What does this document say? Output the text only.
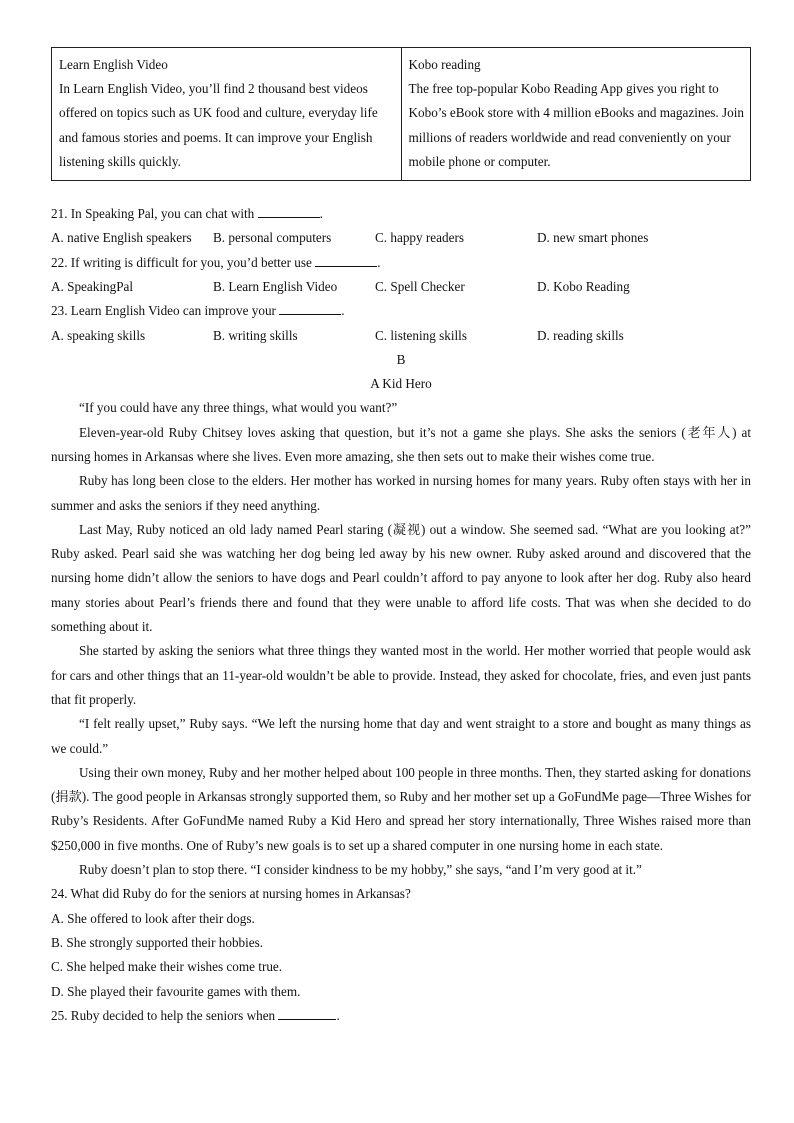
Learn English Video
In Learn English Video, you’ll find 2 thousand best videos offered on topics such as UK food and culture, everyday life and famous stories and poems. It can improve your English listening skills quickly.

Kobo reading
The free top-popular Kobo Reading App gives you right to Kobo’s eBook store with 4 million eBooks and magazines. Join millions of readers worldwide and read conveniently on your mobile phone or computer.
21. In Speaking Pal, you can chat with	.
A. native English speakers	B. personal computers	C. happy readers	D. new smart phones
22. If writing is difficult for you, you’d better use	.
A. SpeakingPal	B. Learn English Video	C. Spell Checker	D. Kobo Reading
23. Learn English Video can improve your	.
A. speaking skills	B. writing skills	C. listening skills	D. reading skills
B
A Kid Hero

“If you could have any three things, what would you want?”

Eleven-year-old Ruby Chitsey loves asking that question, but it’s not a game she plays. She asks the seniors (老年人) at nursing homes in Arkansas where she lives. Even more amazing, she then sets out to make their wishes come true.

Ruby has long been close to the elders. Her mother has worked in nursing homes for many years. Ruby often stays with her in summer and asks the seniors if they need anything.

Last May, Ruby noticed an old lady named Pearl staring (凝视) out a window. She seemed sad. “What are you looking at?” Ruby asked. Pearl said she was watching her dog being led away by his new owner. Ruby asked around and discovered that the nursing home didn’t allow the seniors to have dogs and Pearl couldn’t afford to pay anyone to look after her dog. Ruby also heard many stories about Pearl’s friends there and found that they were unable to afford life costs. That was when she decided to do something about it.

She started by asking the seniors what three things they wanted most in the world. Her mother worried that people would ask for cars and other things that an 11-year-old wouldn’t be able to provide. Instead, they asked for chocolate, fries, and even just pants that fit properly.

“I felt really upset,” Ruby says. “We left the nursing home that day and went straight to a store and bought as many things as we could.”

Using their own money, Ruby and her mother helped about 100 people in three months. Then, they started asking for donations (捐款). The good people in Arkansas strongly supported them, so Ruby and her mother set up a GoFundMe page—Three Wishes for Ruby’s Residents. After GoFundMe named Ruby a Kid Hero and spread her story internationally, Three Wishes raised more than $250,000 in five months. One of Ruby’s new goals is to set up a shared computer in one nursing home in each state.

Ruby doesn’t plan to stop there. “I consider kindness to be my hobby,” she says, “and I’m very good at it.”

24. What did Ruby do for the seniors at nursing homes in Arkansas?
A. She offered to look after their dogs.
B. She strongly supported their hobbies.
C. She helped make their wishes come true.
D. She played their favourite games with them.
25. Ruby decided to help the seniors when	.
